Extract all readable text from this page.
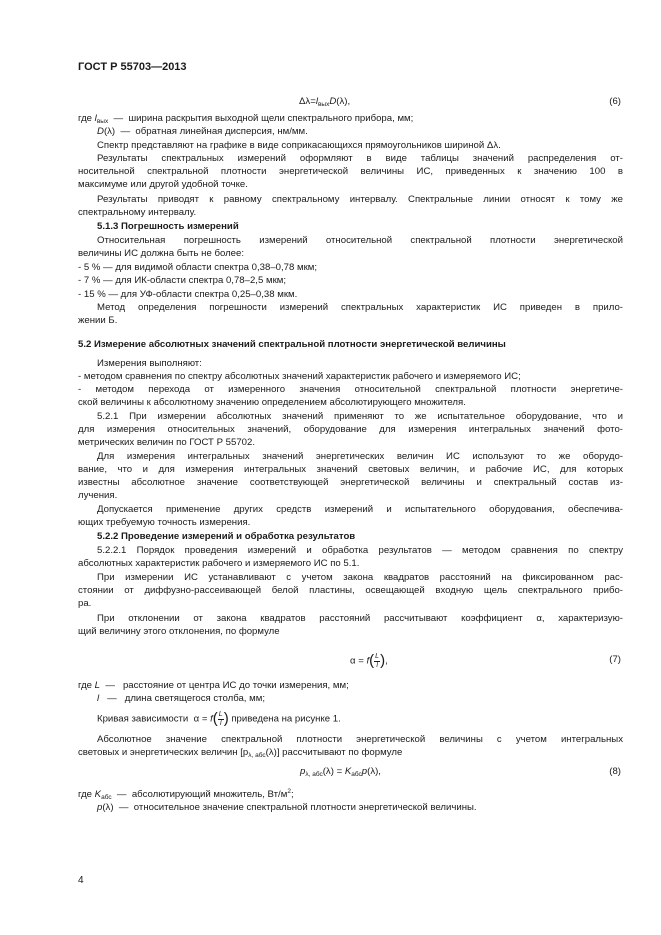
ГОСТ Р 55703—2013
$\Delta\lambda=l_{вых}D(\lambda)$,	(6)
где $l_{вых}$  —  ширина раскрытия выходной щели спектрального прибора, мм;
D(λ)  —  обратная линейная дисперсия, нм/мм.
Спектр представляют на графике в виде соприкасающихся прямоугольников шириной Δλ.
Результаты спектральных измерений оформляют в виде таблицы значений распределения от-
носительной спектральной плотности энергетической величины ИС, приведенных к значению 100 в
максимуме или другой удобной точке.
Результаты приводят к равному спектральному интервалу. Спектральные линии относят к тому же
спектральному интервалу.
5.1.3 Погрешность измерений
Относительная погрешность измерений относительной спектральной плотности энергетической
величины ИС должна быть не более:
- 5 % — для видимой области спектра 0,38–0,78 мкм;
- 7 % — для ИК-области спектра 0,78–2,5 мкм;
- 15 % — для УФ-области спектра 0,25–0,38 мкм.
Метод определения погрешности измерений спектральных характеристик ИС приведен в прило-
жении Б.
5.2 Измерение абсолютных значений спектральной плотности энергетической величины
Измерения выполняют:
- методом сравнения по спектру абсолютных значений характеристик рабочего и измеряемого ИС;
- методом перехода от измеренного значения относительной спектральной плотности энергетиче-
ской величины к абсолютному значению определением абсолютирующего множителя.
5.2.1 При измерении абсолютных значений применяют то же испытательное оборудование, что и
для измерения относительных значений, оборудование для измерения интегральных значений фото-
метрических величин по ГОСТ Р 55702.
Для измерения интегральных значений энергетических величин ИС используют то же оборудо-
вание, что и для измерения интегральных значений световых величин, и рабочие ИС, для которых
известны абсолютное значение соответствующей энергетической величины и спектральный состав из-
лучения.
Допускается применение других средств измерений и испытательного оборудования, обеспечива-
ющих требуемую точность измерения.
5.2.2 Проведение измерений и обработка результатов
5.2.2.1 Порядок проведения измерений и обработка результатов — методом сравнения по спектру
абсолютных характеристик рабочего и измеряемого ИС по 5.1.
При измерении ИС устанавливают с учетом закона квадратов расстояний на фиксированном рас-
стоянии от диффузно-рассеивающей белой пластины, освещающей входную щель спектрального прибо-
ра.
При отклонении от закона квадратов расстояний рассчитывают коэффициент α, характеризую-
щий величину этого отклонения, по формуле
$\alpha = f( \frac{L}{l}$ ),	(7)
где L  —   расстояние от центра ИС до точки измерения, мм;
l   —   длина светящегося столба, мм;
Кривая зависимости  $\alpha = f( \frac{L}{l}$ ) приведена на рисунке 1.
Абсолютное значение спектральной плотности энергетической величины с учетом интегральных
световых и энергетических величин $[p_{\lambda, абс}(\lambda)]$ рассчитывают по формуле
$p_{\lambda, абс}(\lambda) = K_{абс}p(\lambda)$,	(8)
где $K_{абс}$  —  абсолютирующий множитель, $Вт/м^2$;
p(λ)  —  относительное значение спектральной плотности энергетической величины.
4
